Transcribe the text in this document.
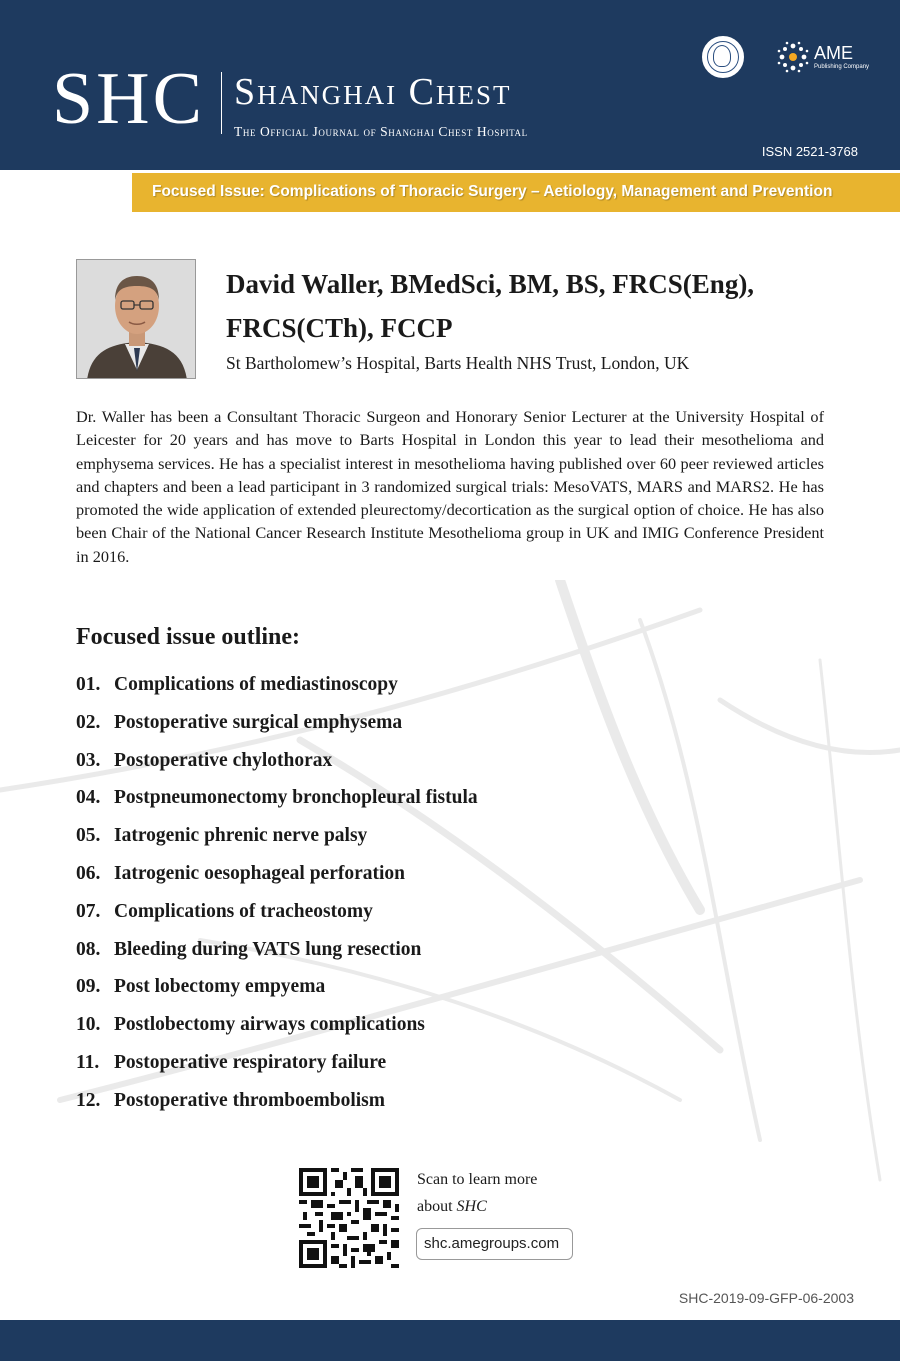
SHC Shanghai Chest
The Official Journal of Shanghai Chest Hospital
ISSN 2521-3768
AME
Publishing Company
Focused Issue: Complications of Thoracic Surgery – Aetiology, Management and Prevention
David Waller, BMedSci, BM, BS, FRCS(Eng), FRCS(CTh), FCCP
St Bartholomew’s Hospital, Barts Health NHS Trust, London, UK
Dr. Waller has been a Consultant Thoracic Surgeon and Honorary Senior Lecturer at the University Hospital of Leicester for 20 years and has move to Barts Hospital in London this year to lead their mesothelioma and emphysema services. He has a specialist interest in mesothelioma having published over 60 peer reviewed articles and chapters and been a lead participant in 3 randomized surgical trials: MesoVATS, MARS and MARS2. He has promoted the wide application of extended pleurectomy/decortication as the surgical option of choice. He has also been Chair of the National Cancer Research Institute Mesothelioma group in UK and IMIG Conference President in 2016.
Focused issue outline:
01. Complications of mediastinoscopy
02. Postoperative surgical emphysema
03. Postoperative chylothorax
04. Postpneumonectomy bronchopleural fistula
05. Iatrogenic phrenic nerve palsy
06. Iatrogenic oesophageal perforation
07. Complications of tracheostomy
08. Bleeding during VATS lung resection
09. Post lobectomy empyema
10. Postlobectomy airways complications
11. Postoperative respiratory failure
12. Postoperative thromboembolism
Scan to learn more
about SHC
shc.amegroups.com
SHC-2019-09-GFP-06-2003
